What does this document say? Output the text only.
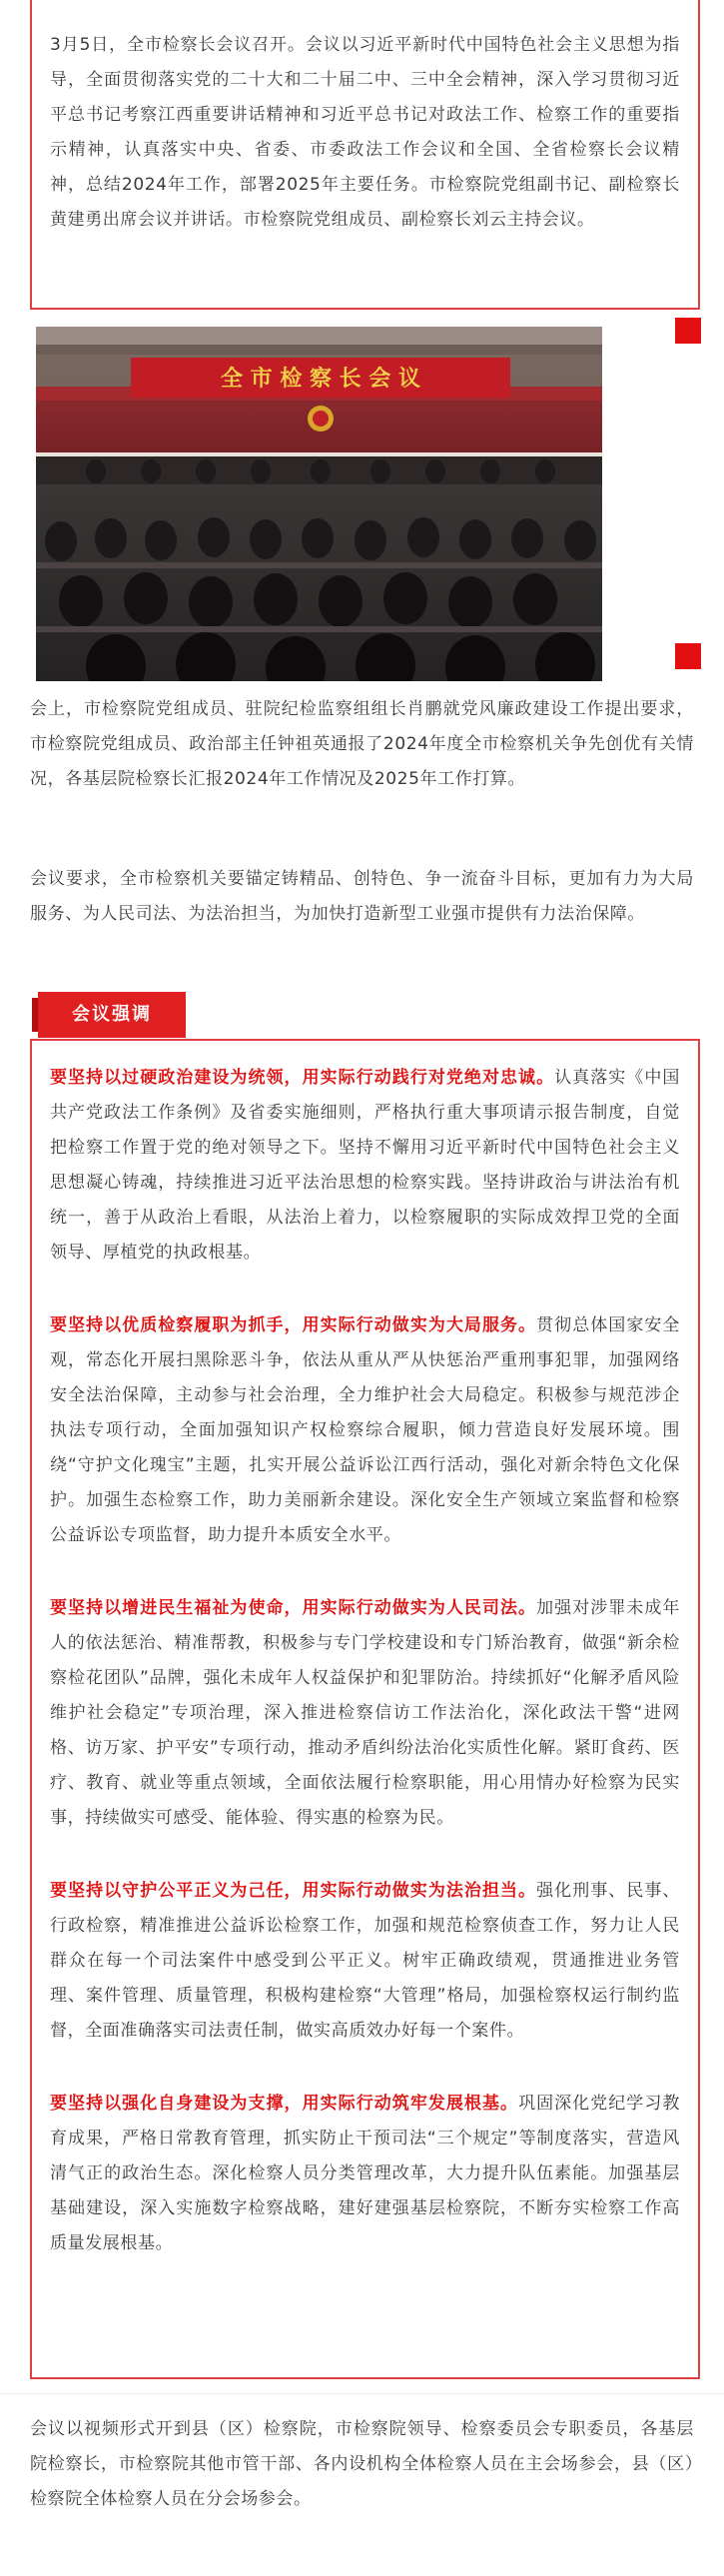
3月5日，全市检察长会议召开。会议以习近平新时代中国特色社会主义思想为指导，全面贯彻落实党的二十大和二十届二中、三中全会精神，深入学习贯彻习近平总书记考察江西重要讲话精神和习近平总书记对政法工作、检察工作的重要指示精神，认真落实中央、省委、市委政法工作会议和全国、全省检察长会议精神，总结2024年工作，部署2025年主要任务。市检察院党组副书记、副检察长黄建勇出席会议并讲话。市检察院党组成员、副检察长刘云主持会议。

全 市 检 察 长 会 议

会上，市检察院党组成员、驻院纪检监察组组长肖鹏就党风廉政建设工作提出要求，市检察院党组成员、政治部主任钟祖英通报了2024年度全市检察机关争先创优有关情况，各基层院检察长汇报2024年工作情况及2025年工作打算。

会议要求，全市检察机关要锚定铸精品、创特色、争一流奋斗目标，更加有力为大局服务、为人民司法、为法治担当，为加快打造新型工业强市提供有力法治保障。

会议强调

要坚持以过硬政治建设为统领，用实际行动践行对党绝对忠诚。认真落实《中国共产党政法工作条例》及省委实施细则，严格执行重大事项请示报告制度，自觉把检察工作置于党的绝对领导之下。坚持不懈用习近平新时代中国特色社会主义思想凝心铸魂，持续推进习近平法治思想的检察实践。坚持讲政治与讲法治有机统一，善于从政治上看眼，从法治上着力，以检察履职的实际成效捍卫党的全面领导、厚植党的执政根基。

要坚持以优质检察履职为抓手，用实际行动做实为大局服务。贯彻总体国家安全观，常态化开展扫黑除恶斗争，依法从重从严从快惩治严重刑事犯罪，加强网络安全法治保障，主动参与社会治理，全力维护社会大局稳定。积极参与规范涉企执法专项行动，全面加强知识产权检察综合履职，倾力营造良好发展环境。围绕“守护文化瑰宝”主题，扎实开展公益诉讼江西行活动，强化对新余特色文化保护。加强生态检察工作，助力美丽新余建设。深化安全生产领域立案监督和检察公益诉讼专项监督，助力提升本质安全水平。

要坚持以增进民生福祉为使命，用实际行动做实为人民司法。加强对涉罪未成年人的依法惩治、精准帮教，积极参与专门学校建设和专门矫治教育，做强“新余检察检花团队”品牌，强化未成年人权益保护和犯罪防治。持续抓好“化解矛盾风险 维护社会稳定”专项治理，深入推进检察信访工作法治化，深化政法干警“进网格、访万家、护平安”专项行动，推动矛盾纠纷法治化实质性化解。紧盯食药、医疗、教育、就业等重点领域，全面依法履行检察职能，用心用情办好检察为民实事，持续做实可感受、能体验、得实惠的检察为民。

要坚持以守护公平正义为己任，用实际行动做实为法治担当。强化刑事、民事、行政检察，精准推进公益诉讼检察工作，加强和规范检察侦查工作，努力让人民群众在每一个司法案件中感受到公平正义。树牢正确政绩观，贯通推进业务管理、案件管理、质量管理，积极构建检察“大管理”格局，加强检察权运行制约监督，全面准确落实司法责任制，做实高质效办好每一个案件。

要坚持以强化自身建设为支撑，用实际行动筑牢发展根基。巩固深化党纪学习教育成果，严格日常教育管理，抓实防止干预司法“三个规定”等制度落实，营造风清气正的政治生态。深化检察人员分类管理改革，大力提升队伍素能。加强基层基础建设，深入实施数字检察战略，建好建强基层检察院，不断夯实检察工作高质量发展根基。

会议以视频形式开到县（区）检察院，市检察院领导、检察委员会专职委员，各基层院检察长，市检察院其他市管干部、各内设机构全体检察人员在主会场参会，县（区）检察院全体检察人员在分会场参会。
